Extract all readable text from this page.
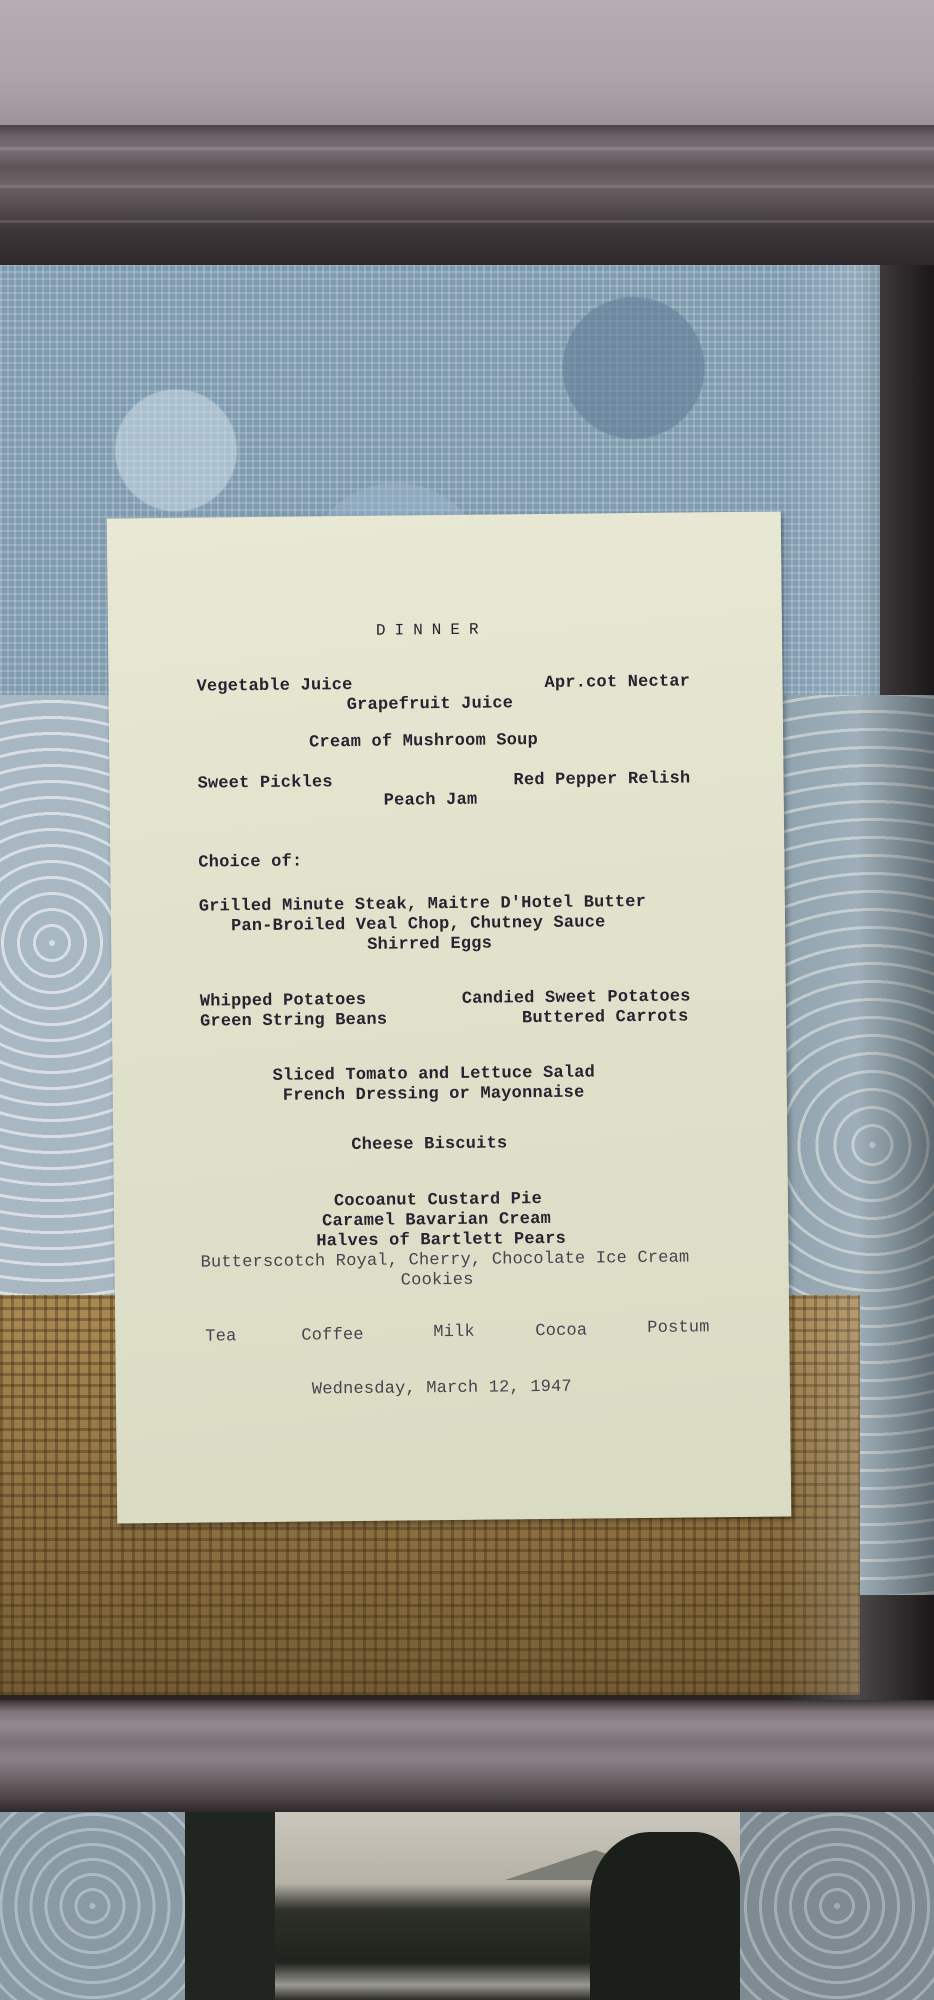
DINNER
Vegetable Juice	Apr.cot Nectar
Grapefruit Juice
Cream of Mushroom Soup
Sweet Pickles	Red Pepper Relish
Peach Jam
Choice of:
Grilled Minute Steak, Maitre D'Hotel Butter
Pan-Broiled Veal Chop, Chutney Sauce
Shirred Eggs
Whipped Potatoes	Candied Sweet Potatoes
Green String Beans	Buttered Carrots
Sliced Tomato and Lettuce Salad
French Dressing or Mayonnaise
Cheese Biscuits
Cocoanut Custard Pie
Caramel Bavarian Cream
Halves of Bartlett Pears
Butterscotch Royal, Cherry, Chocolate Ice Cream
Cookies
Tea	Coffee	Milk	Cocoa	Postum
Wednesday, March 12, 1947
